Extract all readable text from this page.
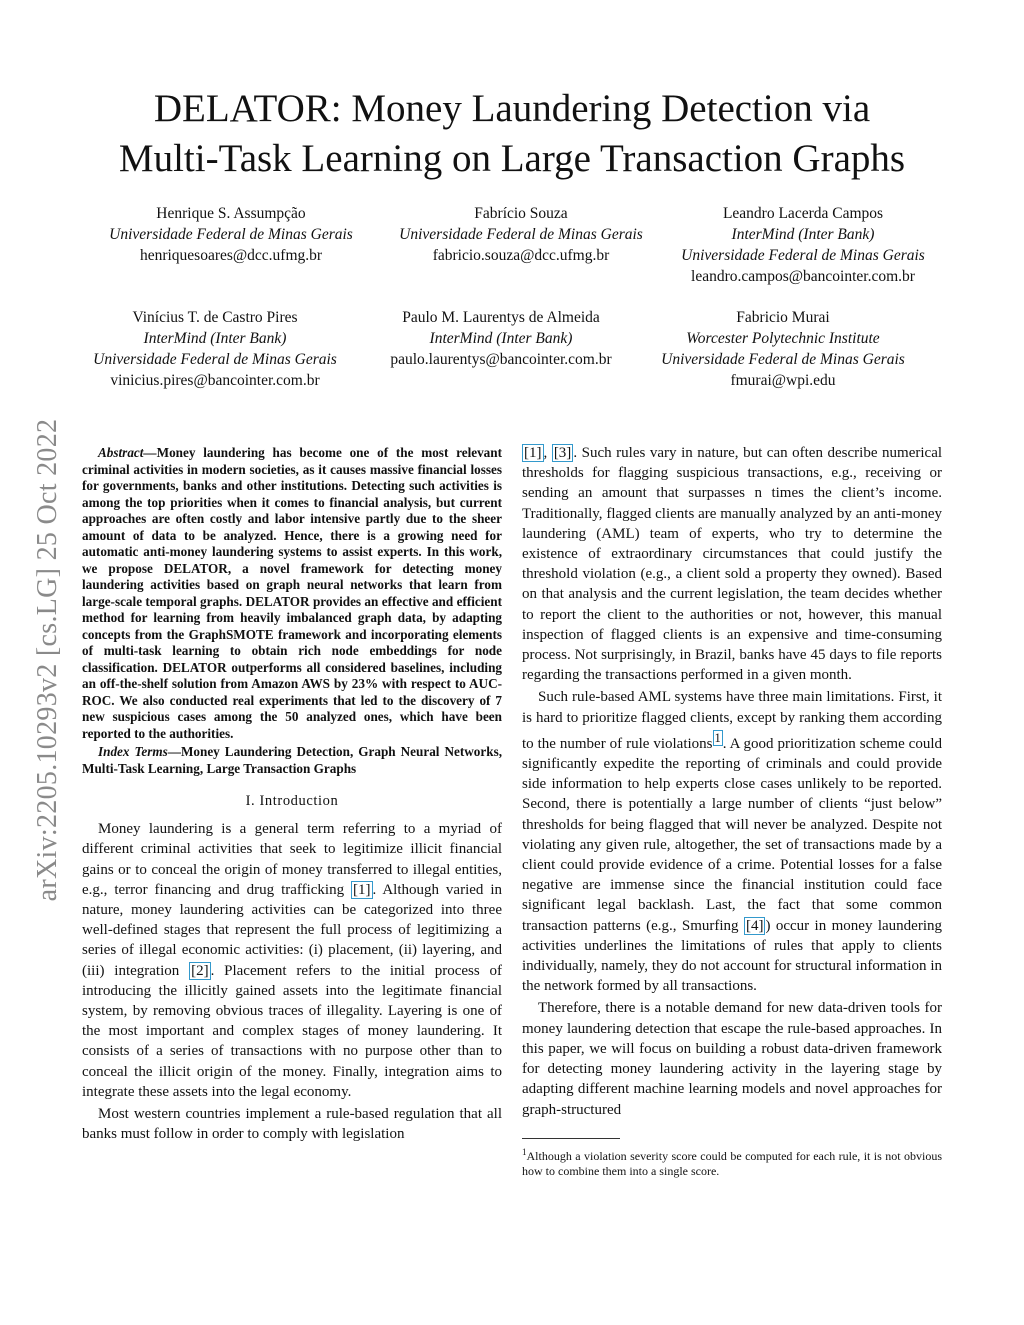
arXiv:2205.10293v2 [cs.LG] 25 Oct 2022
DELATOR: Money Laundering Detection via
Multi-Task Learning on Large Transaction Graphs
Henrique S. Assumpção
Universidade Federal de Minas Gerais
henriquesoares@dcc.ufmg.br
Fabrício Souza
Universidade Federal de Minas Gerais
fabricio.souza@dcc.ufmg.br
Leandro Lacerda Campos
InterMind (Inter Bank)
Universidade Federal de Minas Gerais
leandro.campos@bancointer.com.br
Vinícius T. de Castro Pires
InterMind (Inter Bank)
Universidade Federal de Minas Gerais
vinicius.pires@bancointer.com.br
Paulo M. Laurentys de Almeida
InterMind (Inter Bank)
paulo.laurentys@bancointer.com.br
Fabricio Murai
Worcester Polytechnic Institute
Universidade Federal de Minas Gerais
fmurai@wpi.edu

Abstract—Money laundering has become one of the most relevant criminal activities in modern societies, as it causes massive financial losses for governments, banks and other institutions. Detecting such activities is among the top priorities when it comes to financial analysis, but current approaches are often costly and labor intensive partly due to the sheer amount of data to be analyzed. Hence, there is a growing need for automatic anti-money laundering systems to assist experts. In this work, we propose DELATOR, a novel framework for detecting money laundering activities based on graph neural networks that learn from large-scale temporal graphs. DELATOR provides an effective and efficient method for learning from heavily imbalanced graph data, by adapting concepts from the GraphSMOTE framework and incorporating elements of multi-task learning to obtain rich node embeddings for node classification. DELATOR outperforms all considered baselines, including an off-the-shelf solution from Amazon AWS by 23% with respect to AUC-ROC. We also conducted real experiments that led to the discovery of 7 new suspicious cases among the 50 analyzed ones, which have been reported to the authorities.

Index Terms—Money Laundering Detection, Graph Neural Networks, Multi-Task Learning, Large Transaction Graphs

I. Introduction

Money laundering is a general term referring to a myriad of different criminal activities that seek to legitimize illicit financial gains or to conceal the origin of money transferred to illegal entities, e.g., terror financing and drug trafficking [1] . Although varied in nature, money laundering activities can be categorized into three well-defined stages that represent the full process of legitimizing a series of illegal economic activities: (i) placement, (ii) layering, and (iii) integration [2] . Placement refers to the initial process of introducing the illicitly gained assets into the legitimate financial system, by removing obvious traces of illegality. Layering is one of the most important and complex stages of money laundering. It consists of a series of transactions with no purpose other than to conceal the illicit origin of the money. Finally, integration aims to integrate these assets into the legal economy.

Most western countries implement a rule-based regulation that all banks must follow in order to comply with legislation

[1] , [3] . Such rules vary in nature, but can often describe numerical thresholds for flagging suspicious transactions, e.g., receiving or sending an amount that surpasses n times the client’s income. Traditionally, flagged clients are manually analyzed by an anti-money laundering (AML) team of experts, who try to determine the existence of extraordinary circumstances that could justify the threshold violation (e.g., a client sold a property they owned). Based on that analysis and the current legislation, the team decides whether to report the client to the authorities or not, however, this manual inspection of flagged clients is an expensive and time-consuming process. Not surprisingly, in Brazil, banks have 45 days to file reports regarding the transactions performed in a given month.

Such rule-based AML systems have three main limitations. First, it is hard to prioritize flagged clients, except by ranking them according to the number of rule violations $^1$ . A good prioritization scheme could significantly expedite the reporting of criminals and could provide side information to help experts close cases unlikely to be reported. Second, there is potentially a large number of clients “just below” thresholds for being flagged that will never be analyzed. Despite not violating any given rule, altogether, the set of transactions made by a client could provide evidence of a crime. Potential losses for a false negative are immense since the financial institution could face significant legal backlash. Last, the fact that some common transaction patterns (e.g., Smurfing [4] ) occur in money laundering activities underlines the limitations of rules that apply to clients individually, namely, they do not account for structural information in the network formed by all transactions.

Therefore, there is a notable demand for new data-driven tools for money laundering detection that escape the rule-based approaches. In this paper, we will focus on building a robust data-driven framework for detecting money laundering activity in the layering stage by adapting different machine learning models and novel approaches for graph-structured

$^1$Although a violation severity score could be computed for each rule, it is not obvious how to combine them into a single score.
